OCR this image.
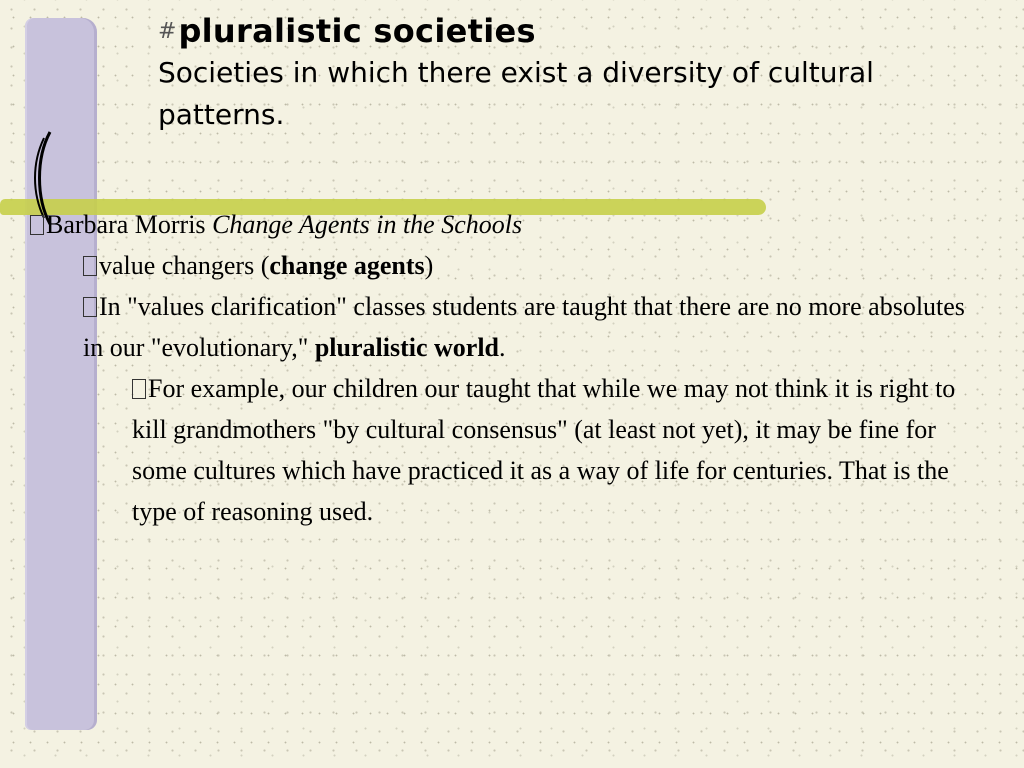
# pluralistic societies
Societies in which there exist a diversity of cultural patterns.
Barbara Morris Change Agents in the Schools
value changers (change agents)
In "values clarification" classes students are taught that there are no more absolutes in our "evolutionary," pluralistic world.
For example, our children our taught that while we may not think it is right to kill grandmothers "by cultural consensus" (at least not yet), it may be fine for some cultures which have practiced it as a way of life for centuries. That is the type of reasoning used.
